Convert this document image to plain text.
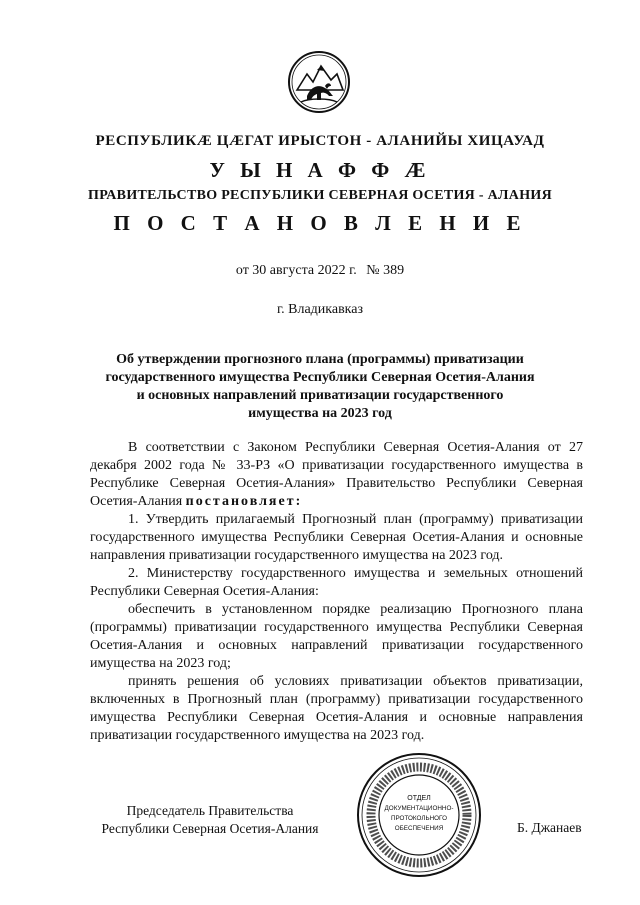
РЕСПУБЛИКӔ ЦӔГАТ ИРЫСТОН - АЛАНИЙЫ ХИЦАУАД
У Ы Н А Ф Ф Ӕ
ПРАВИТЕЛЬСТВО РЕСПУБЛИКИ СЕВЕРНАЯ ОСЕТИЯ - АЛАНИЯ
П О С Т А Н О В Л Е Н И Е
от 30 августа 2022 г. № 389
г. Владикавказ
Об утверждении прогнозного плана (программы) приватизации государственного имущества Республики Северная Осетия-Алания и основных направлений приватизации государственного имущества на 2023 год

В соответствии с Законом Республики Северная Осетия-Алания от 27 декабря 2002 года № 33-РЗ «О приватизации государственного имущества в Республике Северная Осетия-Алания» Правительство Республики Северная Осетия-Алания постановляет:

1. Утвердить прилагаемый Прогнозный план (программу) приватизации государственного имущества Республики Северная Осетия-Алания и основные направления приватизации государственного имущества на 2023 год.

2. Министерству государственного имущества и земельных отношений Республики Северная Осетия-Алания:

обеспечить в установленном порядке реализацию Прогнозного плана (программы) приватизации государственного имущества Республики Северная Осетия-Алания и основных направлений приватизации государственного имущества на 2023 год;

принять решения об условиях приватизации объектов приватизации, включенных в Прогнозный план (программу) приватизации государственного имущества Республики Северная Осетия-Алания и основные направления приватизации государственного имущества на 2023 год.

Председатель Правительства
Республики Северная Осетия-Алания
ОТДЕЛ
ДОКУМЕНТАЦИОННО-
ПРОТОКОЛЬНОГО
ОБЕСПЕЧЕНИЯ	Б. Джанаев
